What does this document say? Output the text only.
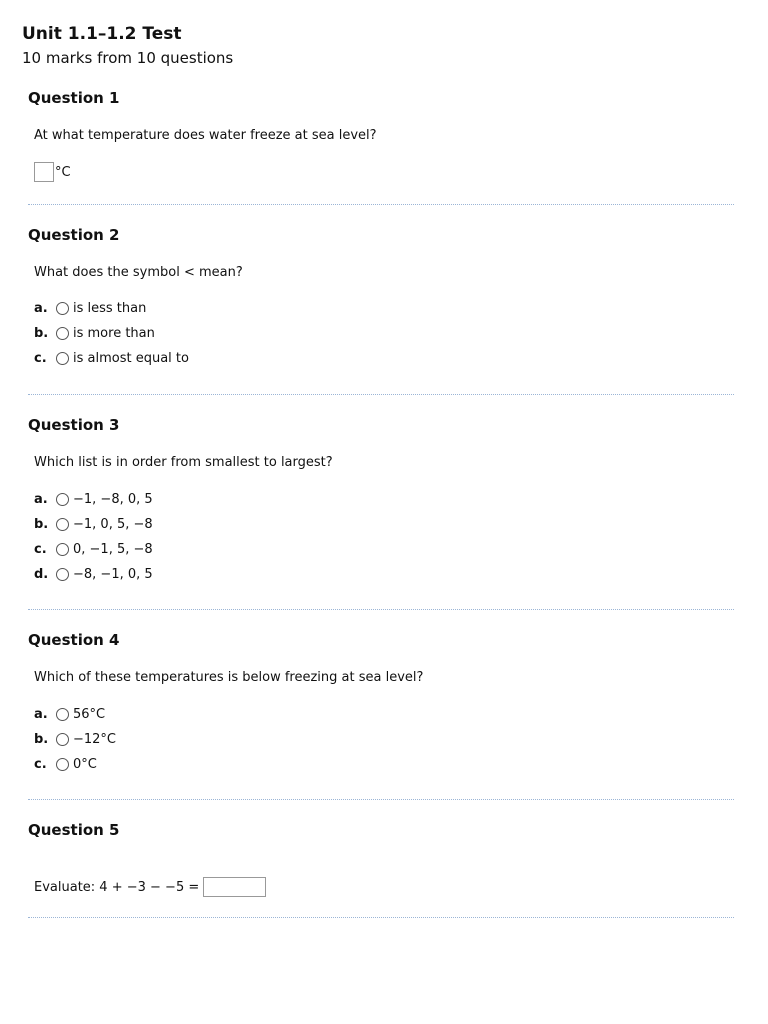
Unit 1.1–1.2 Test
10 marks from 10 questions
Question 1
At what temperature does water freeze at sea level?
°C
Question 2
What does the symbol < mean?
a.	is less than
b.	is more than
c.	is almost equal to
Question 3
Which list is in order from smallest to largest?
a.	−1, −8, 0, 5
b.	−1, 0, 5, −8
c.	0, −1, 5, −8
d.	−8, −1, 0, 5
Question 4
Which of these temperatures is below freezing at sea level?
a.	56°C
b.	−12°C
c.	0°C
Question 5
Evaluate: 4 + −3 − −5 =
